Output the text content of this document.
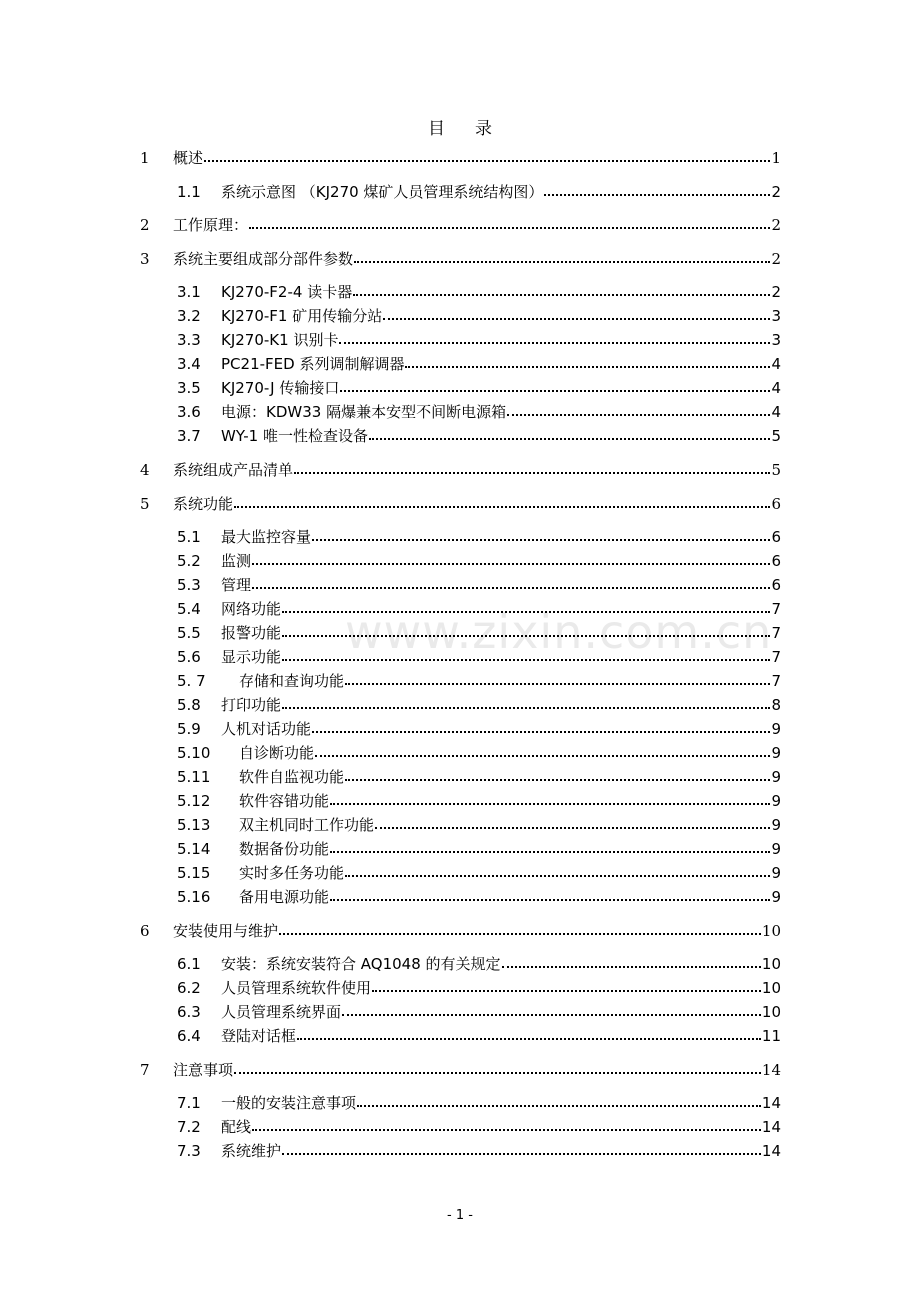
www.zixin.com.cn
目录
1	概述	1
1.1	系统示意图 （KJ270 煤矿人员管理系统结构图）	2
2	工作原理：	2
3	系统主要组成部分部件参数	2
3.1	KJ270-F2-4 读卡器	2
3.2	KJ270-F1 矿用传输分站	3
3.3	KJ270-K1 识别卡	3
3.4	PC21-FED 系列调制解调器	4
3.5	KJ270-J 传输接口	4
3.6	电源：KDW33 隔爆兼本安型不间断电源箱	4
3.7	WY-1 唯一性检查设备	5
4	系统组成产品清单	5
5	系统功能	6
5.1	最大监控容量	6
5.2	监测	6
5.3	管理	6
5.4	网络功能	7
5.5	报警功能	7
5.6	显示功能	7
5. 7	存储和查询功能	7
5.8	打印功能	8
5.9	人机对话功能	9
5.10	自诊断功能	9
5.11	软件自监视功能	9
5.12	软件容错功能	9
5.13	双主机同时工作功能	9
5.14	数据备份功能	9
5.15	实时多任务功能	9
5.16	备用电源功能	9
6	安装使用与维护	10
6.1	安装：系统安装符合 AQ1048 的有关规定	10
6.2	人员管理系统软件使用	10
6.3	人员管理系统界面	10
6.4	登陆对话框	11
7	注意事项	14
7.1	一般的安装注意事项	14
7.2	配线	14
7.3	系统维护	14
- 1 -
